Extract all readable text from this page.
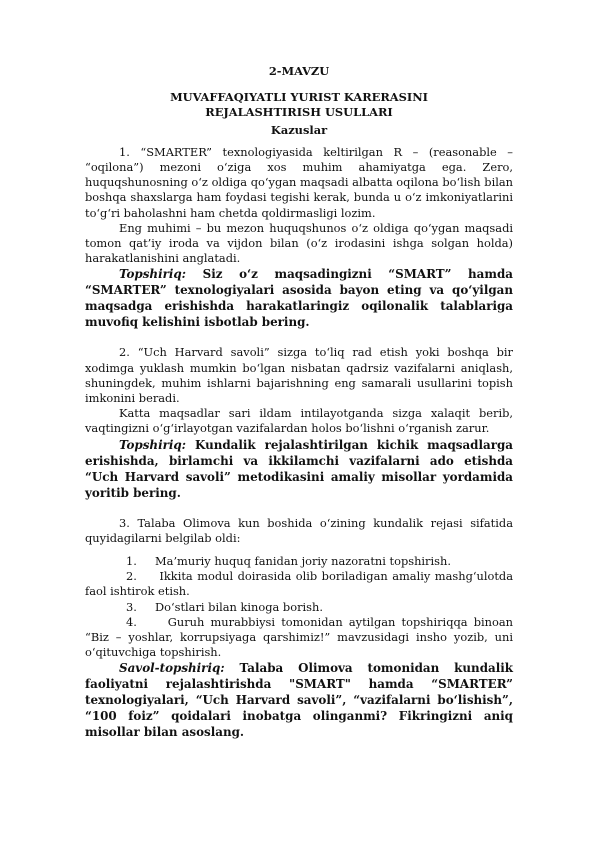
2-MAVZU
MUVAFFAQIYATLI YURIST KARERASINI
REJALASHTIRISH USULLARI
Kazuslar

1. “SMARTER” texnologiyasida keltirilgan R – (reasonable – “oqilona”) mezoni o‘ziga xos muhim ahamiyatga ega. Zero, huquqshunosning o‘z oldiga qo‘ygan maqsadi albatta oqilona bo‘lish bilan boshqa shaxslarga ham foydasi tegishi kerak, bunda u o‘z imkoniyatlarini to‘g‘ri baholashni ham chetda qoldirmasligi lozim.

Eng muhimi – bu mezon huquqshunos o‘z oldiga qo‘ygan maqsadi tomon qat’iy iroda va vijdon bilan (o‘z irodasini ishga solgan holda) harakatlanishini anglatadi.

Topshiriq: Siz o‘z maqsadingizni “SMART” hamda “SMARTER” texnologiyalari asosida bayon eting va qo‘yilgan maqsadga erishishda harakatlaringiz oqilonalik talablariga muvofiq kelishini isbotlab bering.

2. “Uch Harvard savoli” sizga to‘liq rad etish yoki boshqa bir xodimga yuklash mumkin bo‘lgan nisbatan qadrsiz vazifalarni aniqlash, shuningdek, muhim ishlarni bajarishning eng samarali usullarini topish imkonini beradi.

Katta maqsadlar sari ildam intilayotganda sizga xalaqit berib, vaqtingizni o‘g‘irlayotgan vazifalardan holos bo‘lishni o‘rganish zarur.

Topshiriq: Kundalik rejalashtirilgan kichik maqsadlarga erishishda, birlamchi va ikkilamchi vazifalarni ado etishda “Uch Harvard savoli” metodikasini amaliy misollar yordamida yoritib bering.

3. Talaba Olimova kun boshida o‘zining kundalik rejasi sifatida quyidagilarni belgilab oldi:

1. Ma’muriy huquq fanidan joriy nazoratni topshirish.

2. Ikkita modul doirasida olib boriladigan amaliy mashg‘ulotda faol ishtirok etish.

3. Do‘stlari bilan kinoga borish.

4.	Guruh murabbiysi tomonidan aytilgan topshiriqqa binoan “Biz – yoshlar, korrupsiyaga qarshimiz!” mavzusidagi insho yozib, uni o‘qituvchiga topshirish.

Savol-topshiriq: Talaba Olimova tomonidan kundalik faoliyatni rejalashtirishda "SMART" hamda “SMARTER” texnologiyalari, “Uch Harvard savoli”, “vazifalarni bo‘lishish”, “100 foiz” qoidalari inobatga olinganmi? Fikringizni aniq misollar bilan asoslang.
